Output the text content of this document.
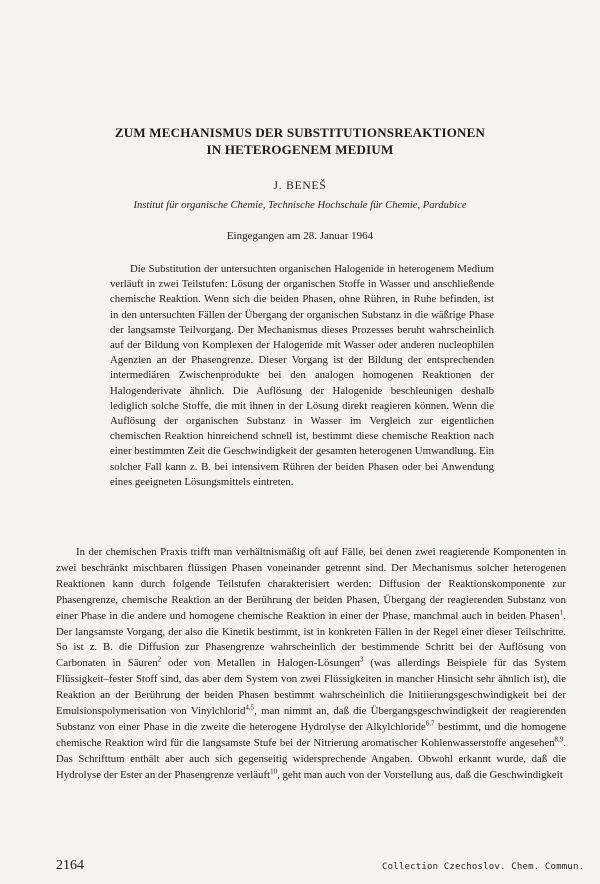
ZUM MECHANISMUS DER SUBSTITUTIONSREAKTIONEN
IN HETEROGENEM MEDIUM
J. BENEŠ
Institut für organische Chemie, Technische Hochschule für Chemie, Pardubice
Eingegangen am 28. Januar 1964

Die Substitution der untersuchten organischen Halogenide in heterogenem Medium verläuft in zwei Teilstufen: Lösung der organischen Stoffe in Wasser und anschließende chemische Reaktion. Wenn sich die beiden Phasen, ohne Rühren, in Ruhe befinden, ist in den untersuchten Fällen der Übergang der organischen Substanz in die wäßrige Phase der langsamste Teilvorgang. Der Mechanismus dieses Prozesses beruht wahrscheinlich auf der Bildung von Komplexen der Halogenide mit Wasser oder anderen nucleophilen Agenzien an der Phasengrenze. Dieser Vorgang ist der Bildung der entsprechenden intermediären Zwischenprodukte bei den analogen homogenen Reaktionen der Halogenderivate ähnlich. Die Auflösung der Halogenide beschleunigen deshalb lediglich solche Stoffe, die mit ihnen in der Lösung direkt reagieren können. Wenn die Auflösung der organischen Substanz in Wasser im Vergleich zur eigentlichen chemischen Reaktion hinreichend schnell ist, bestimmt diese chemische Reaktion nach einer bestimmten Zeit die Geschwindigkeit der gesamten heterogenen Umwandlung. Ein solcher Fall kann z. B. bei intensivem Rühren der beiden Phasen oder bei Anwendung eines geeigneten Lösungsmittels eintreten.

In der chemischen Praxis trifft man verhältnismäßig oft auf Fälle, bei denen zwei reagierende Komponenten in zwei beschränkt mischbaren flüssigen Phasen voneinander getrennt sind. Der Mechanismus solcher heterogenen Reaktionen kann durch folgende Teilstufen charakterisiert werden: Diffusion der Reaktionskomponente zur Phasengrenze, chemische Reaktion an der Berührung der beiden Phasen, Übergang der reagierenden Substanz von einer Phase in die andere und homogene chemische Reaktion in einer der Phase, manchmal auch in beiden Phasen$^1$. Der langsamste Vorgang, der also die Kinetik bestimmt, ist in konkreten Fällen in der Regel einer dieser Teilschritte. So ist z. B. die Diffusion zur Phasengrenze wahrscheinlich der bestimmende Schritt bei der Auflösung von Carbonaten in Säuren$^2$ oder von Metallen in Halogen-Lösungen$^3$ (was allerdings Beispiele für das System Flüssigkeit–fester Stoff sind, das aber dem System von zwei Flüssigkeiten in mancher Hinsicht sehr ähnlich ist), die Reaktion an der Berührung der beiden Phasen bestimmt wahrscheinlich die Initiierungsgeschwindigkeit bei der Emulsionspolymerisation von Vinylchlorid$^{4,5}$, man nimmt an, daß die Übergangsgeschwindigkeit der reagierenden Substanz von einer Phase in die zweite die heterogene Hydrolyse der Alkylchloride$^{6,7}$ bestimmt, und die homogene chemische Reaktion wird für die langsamste Stufe bei der Nitrierung aromatischer Kohlenwasserstoffe angesehen$^{8,9}$. Das Schrifttum enthält aber auch sich gegenseitig widersprechende Angaben. Obwohl erkannt wurde, daß die Hydrolyse der Ester an der Phasengrenze verläuft$^{10}$, geht man auch von der Vorstellung aus, daß die Geschwindigkeit

2164	Collection Czechoslov. Chem. Commun.
